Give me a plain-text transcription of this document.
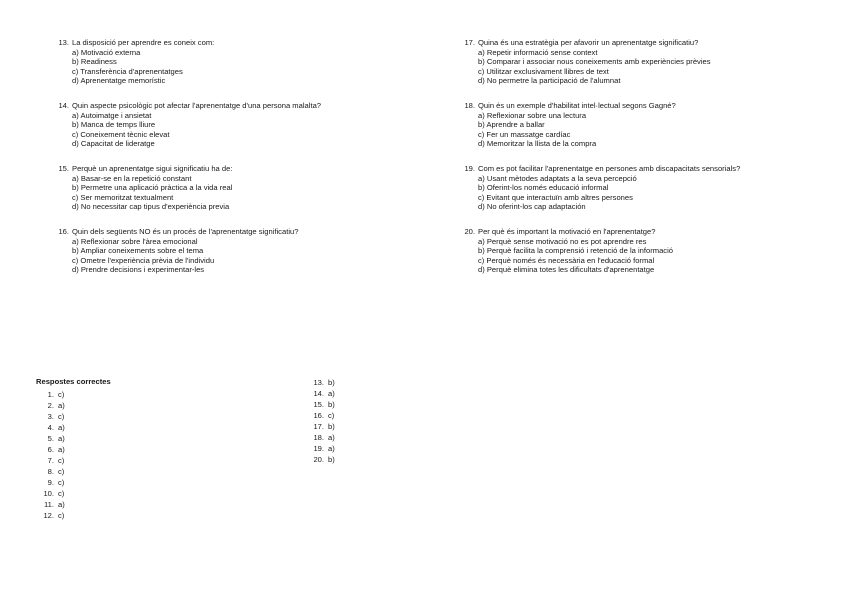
13. La disposició per aprendre es coneix com:
a) Motivació externa
b) Readiness
c) Transferència d'aprenentatges
d) Aprenentatge memorístic
14. Quin aspecte psicològic pot afectar l'aprenentatge d'una persona malalta?
a) Autoimatge i ansietat
b) Manca de temps lliure
c) Coneixement tècnic elevat
d) Capacitat de lideratge
15. Perquè un aprenentatge sigui significatiu ha de:
a) Basar-se en la repetició constant
b) Permetre una aplicació pràctica a la vida real
c) Ser memoritzat textualment
d) No necessitar cap tipus d'experiència previa
16. Quin dels següents NO és un procés de l'aprenentatge significatiu?
a) Reflexionar sobre l'àrea emocional
b) Ampliar coneixements sobre el tema
c) Ometre l'experiència prèvia de l'individu
d) Prendre decisions i experimentar-les
17. Quina és una estratègia per afavorir un aprenentatge significatiu?
a) Repetir informació sense context
b) Comparar i associar nous coneixements amb experiències prèvies
c) Utilitzar exclusivament llibres de text
d) No permetre la participació de l'alumnat
18. Quin és un exemple d'habilitat intel·lectual segons Gagné?
a) Reflexionar sobre una lectura
b) Aprendre a ballar
c) Fer un massatge cardíac
d) Memoritzar la llista de la compra
19. Com es pot facilitar l'aprenentatge en persones amb discapacitats sensorials?
a) Usant mètodes adaptats a la seva percepció
b) Oferint-los només educació informal
c) Evitant que interactuïn amb altres persones
d) No oferint-los cap adaptación
20. Per què és important la motivació en l'aprenentatge?
a) Perquè sense motivació no es pot aprendre res
b) Perquè facilita la comprensió i retenció de la informació
c) Perquè només és necessària en l'educació formal
d) Perquè elimina totes les dificultats d'aprenentatge
Respostes correctes
1. c)
2. a)
3. c)
4. a)
5. a)
6. a)
7. c)
8. c)
9. c)
10. c)
11. a)
12. c)
13. b)
14. a)
15. b)
16. c)
17. b)
18. a)
19. a)
20. b)
